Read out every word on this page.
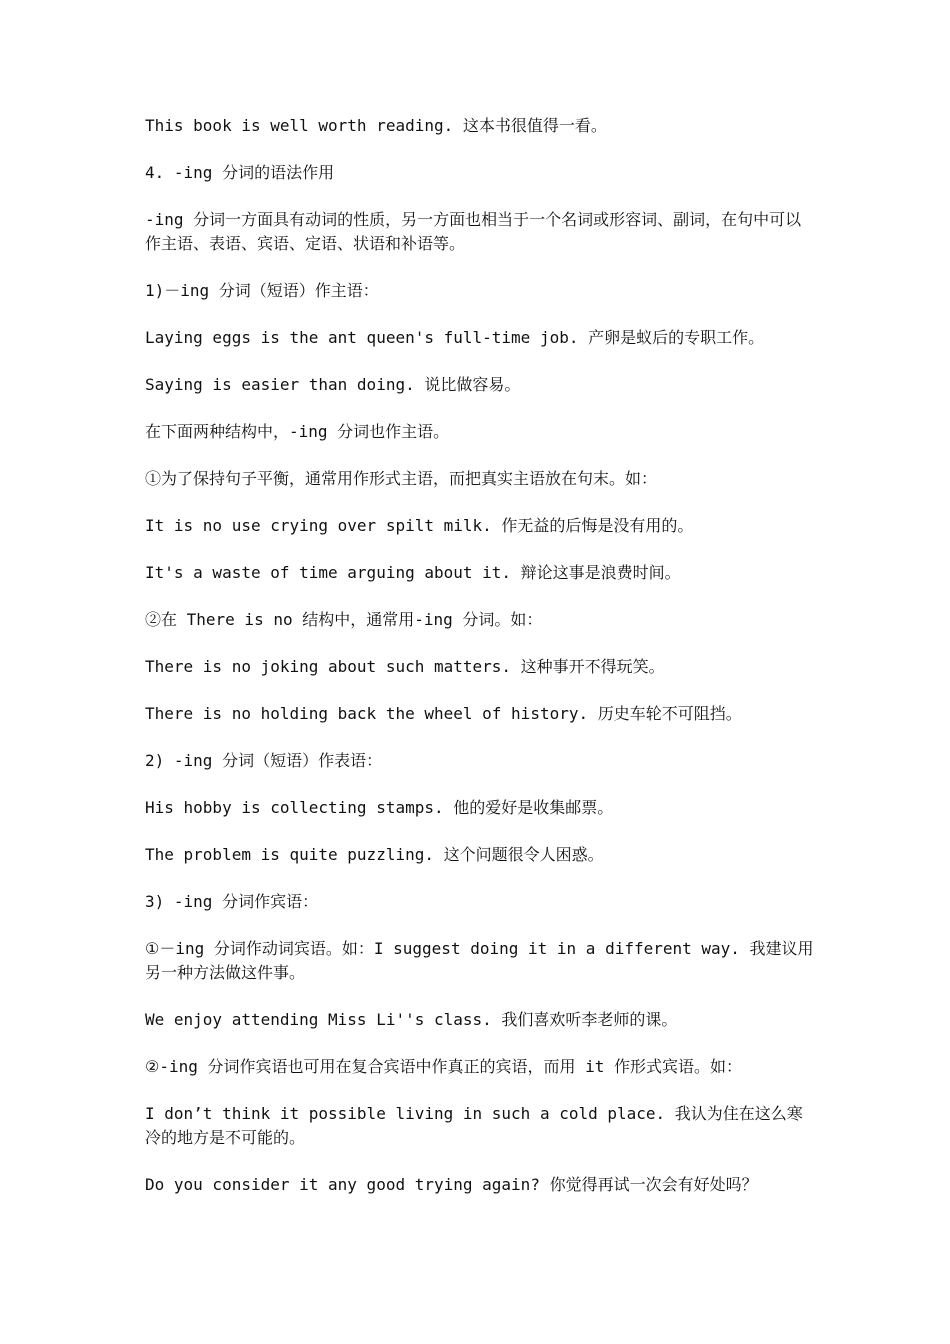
This book is well worth reading. 这本书很值得一看。

4. -ing 分词的语法作用

-ing 分词一方面具有动词的性质，另一方面也相当于一个名词或形容词、副词，在句中可以作主语、表语、宾语、定语、状语和补语等。

1)－ing 分词（短语）作主语：

Laying eggs is the ant queen's full-time job. 产卵是蚁后的专职工作。

Saying is easier than doing. 说比做容易。

在下面两种结构中，-ing 分词也作主语。

①为了保持句子平衡，通常用作形式主语，而把真实主语放在句末。如：

It is no use crying over spilt milk. 作无益的后悔是没有用的。

It's a waste of time arguing about it. 辩论这事是浪费时间。

②在 There is no 结构中，通常用-ing 分词。如：

There is no joking about such matters. 这种事开不得玩笑。

There is no holding back the wheel of history. 历史车轮不可阻挡。

2) -ing 分词（短语）作表语：

His hobby is collecting stamps. 他的爱好是收集邮票。

The problem is quite puzzling. 这个问题很令人困惑。

3) -ing 分词作宾语：

①－ing 分词作动词宾语。如：I suggest doing it in a different way. 我建议用另一种方法做这件事。

We enjoy attending Miss Li''s class. 我们喜欢听李老师的课。

②-ing 分词作宾语也可用在复合宾语中作真正的宾语，而用 it 作形式宾语。如：

I don’t think it possible living in such a cold place. 我认为住在这么寒冷的地方是不可能的。

Do you consider it any good trying again? 你觉得再试一次会有好处吗？
